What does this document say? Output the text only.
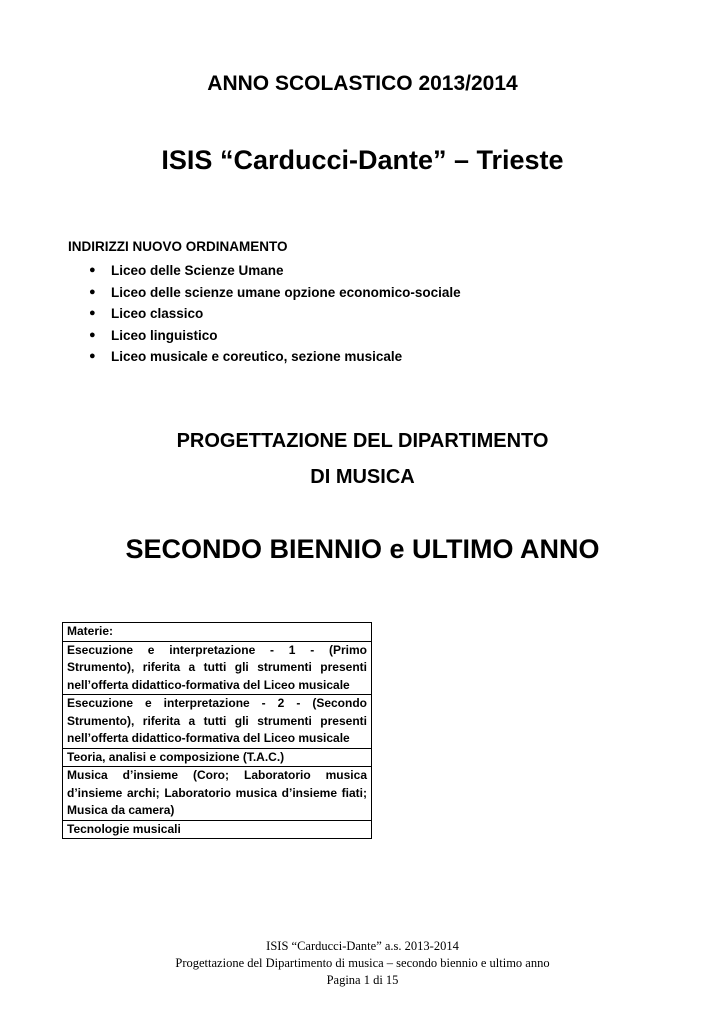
ANNO SCOLASTICO 2013/2014

ISIS “Carducci-Dante” – Trieste

INDIRIZZI NUOVO ORDINAMENTO

● Liceo delle Scienze Umane
● Liceo delle scienze umane opzione economico-sociale
● Liceo classico
● Liceo linguistico
● Liceo musicale e coreutico, sezione musicale

PROGETTAZIONE DEL DIPARTIMENTO

DI MUSICA

SECONDO BIENNIO e ULTIMO ANNO

Materie:
Esecuzione e interpretazione - 1 - (Primo Strumento), riferita a tutti gli strumenti presenti nell’offerta didattico-formativa del Liceo musicale
Esecuzione e interpretazione - 2 - (Secondo Strumento), riferita a tutti gli strumenti presenti nell’offerta didattico-formativa del Liceo musicale
Teoria, analisi e composizione (T.A.C.)
Musica d’insieme (Coro; Laboratorio musica d’insieme archi; Laboratorio musica d’insieme fiati; Musica da camera)
Tecnologie musicali

ISIS “Carducci-Dante” a.s. 2013-2014

Progettazione del Dipartimento di musica – secondo biennio e ultimo anno

Pagina 1 di 15
